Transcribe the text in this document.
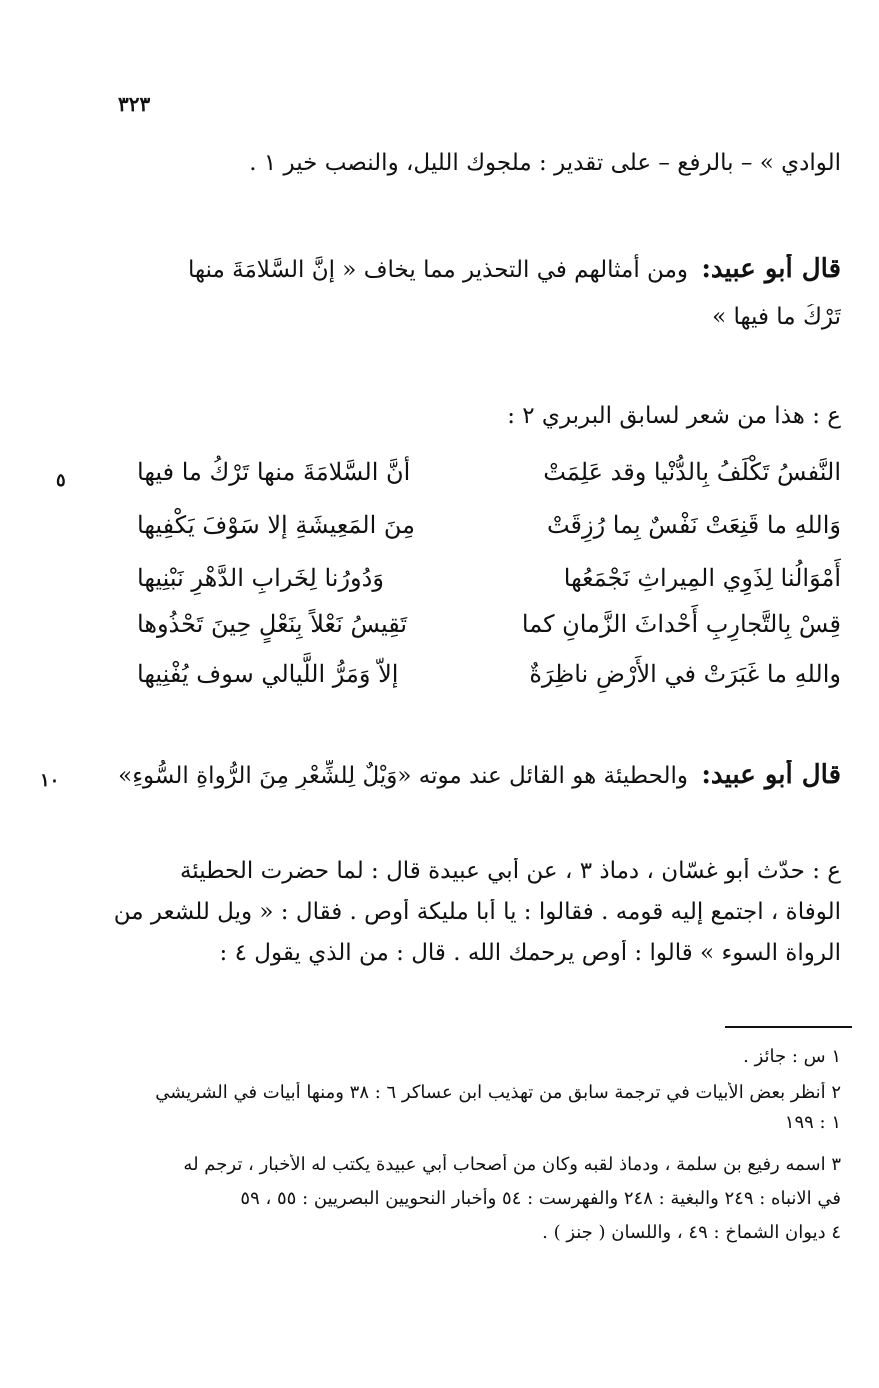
٣٢٣
الوادي » – بالرفع – على تقدير : ملجوك الليل، والنصب خير ١ .
قال أبو عبيد: ومن أمثالهم في التحذير مما يخاف « إنَّ السَّلامَةَ منها
تَرْكُ ما فيها »
ع : هذا من شعر لسابق البربري ٢ :
النَّفسُ تَكْلَفُ بِالدُّنْيا وقد عَلِمَتْ
أنَّ السَّلامَةَ منها تَرْكُ ما فيها
وَاللهِ ما قَنِعَتْ نَفْسٌ بِما رُزِقَتْ
مِنَ المَعِيشَةِ إلا سَوْفَ يَكْفِيها
أَمْوَالُنا لِذَوِي المِيراثِ نَجْمَعُها
وَدُورُنا لِخَرابِ الدَّهْرِ نَبْنِيها
قِسْ بِالتَّجارِبِ أَحْداثَ الزَّمانِ كما
تَقِيسُ نَعْلاً بِنَعْلٍ حِينَ تَحْذُوها
واللهِ ما غَبَرَتْ في الأَرْضِ ناظِرَةٌ
إلاّ وَمَرُّ اللَّيالي سوف يُفْنِيها
٥
قال أبو عبيد: والحطيئة هو القائل عند موته «وَيْلٌ لِلشِّعْرِ مِنَ الرُّواةِ السُّوءِ»
١٠
ع : حدّث أبو غسّان ، دماذ ٣ ، عن أبي عبيدة قال : لما حضرت الحطيئة
الوفاة ، اجتمع إليه قومه . فقالوا : يا أبا مليكة أوص . فقال : « ويل للشعر من
الرواة السوء » قالوا : أوصِ يرحمك الله . قال : من الذي يقول ٤ :
١ س : جائز .
٢ أنظر بعض الأبيات في ترجمة سابق من تهذيب ابن عساكر ٦ : ٣٨ ومنها أبيات في الشريشي
١ : ١٩٩
٣ اسمه رفيع بن سلمة ، ودماذ لقبه وكان من أصحاب أبي عبيدة يكتب له الأخبار ، ترجم له
في الانباه : ٢٤٩ والبغية : ٢٤٨ والفهرست : ٥٤ وأخبار النحويين البصريين : ٥٥ ، ٥٩
٤ ديوان الشماخ : ٤٩ ، واللسان ( جنز ) .
